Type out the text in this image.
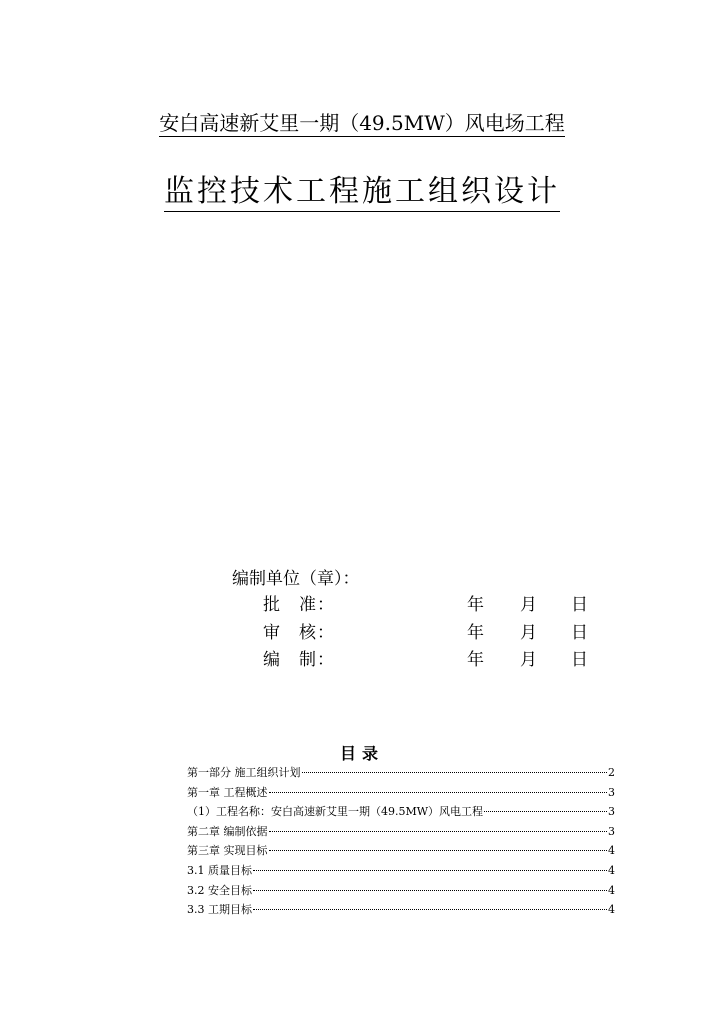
安白高速新艾里一期（49.5MW）风电场工程
监控技术工程施工组织设计
编制单位（章）：
批　准：	年 月 日
审　核：	年 月 日
编　制：	年 月 日
目录
第一部分 施工组织计划	2
第一章 工程概述	3
（1）工程名称：安白高速新艾里一期（49.5MW）风电工程	3
第二章 编制依据	3
第三章 实现目标	4
3.1 质量目标	4
3.2 安全目标	4
3.3 工期目标	4
